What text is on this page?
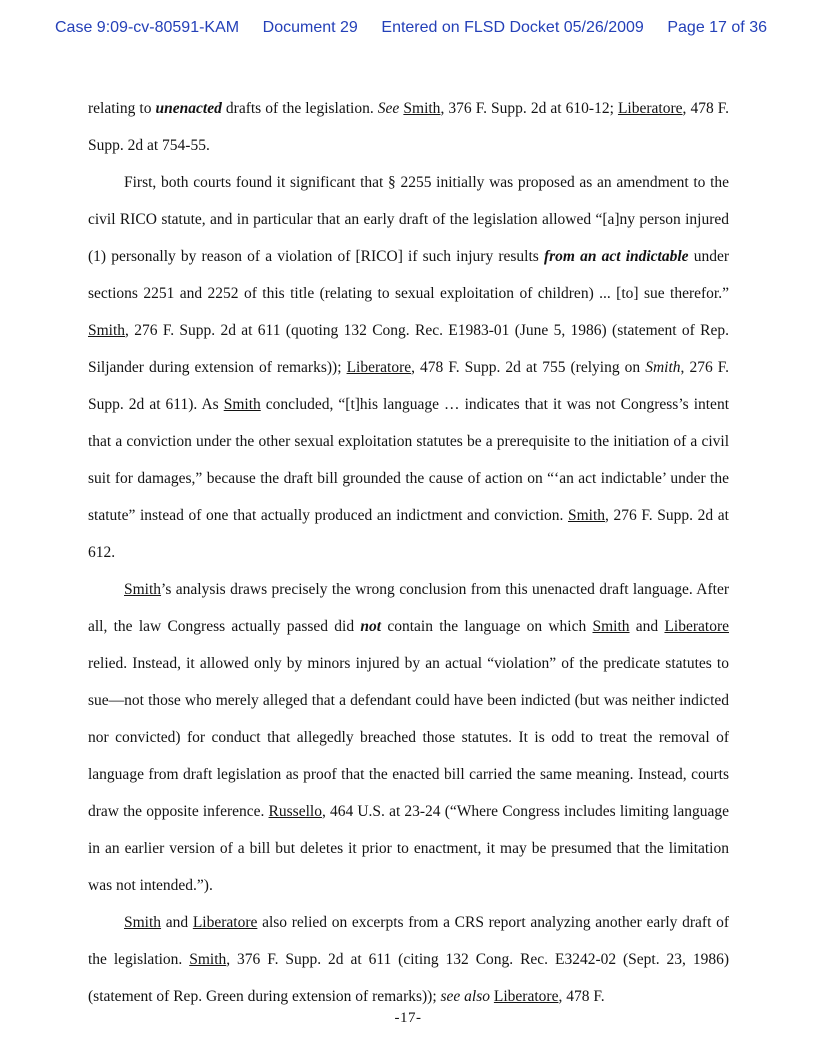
Case 9:09-cv-80591-KAM Document 29 Entered on FLSD Docket 05/26/2009 Page 17 of 36

relating to unenacted drafts of the legislation. See Smith, 376 F. Supp. 2d at 610-12; Liberatore, 478 F. Supp. 2d at 754-55.

First, both courts found it significant that § 2255 initially was proposed as an amendment to the civil RICO statute, and in particular that an early draft of the legislation allowed “[a]ny person injured (1) personally by reason of a violation of [RICO] if such injury results from an act indictable under sections 2251 and 2252 of this title (relating to sexual exploitation of children) ... [to] sue therefor.” Smith, 276 F. Supp. 2d at 611 (quoting 132 Cong. Rec. E1983-01 (June 5, 1986) (statement of Rep. Siljander during extension of remarks)); Liberatore, 478 F. Supp. 2d at 755 (relying on Smith, 276 F. Supp. 2d at 611). As Smith concluded, “[t]his language … indicates that it was not Congress’s intent that a conviction under the other sexual exploitation statutes be a prerequisite to the initiation of a civil suit for damages,” because the draft bill grounded the cause of action on “‘an act indictable’ under the statute” instead of one that actually produced an indictment and conviction. Smith, 276 F. Supp. 2d at 612.

Smith’s analysis draws precisely the wrong conclusion from this unenacted draft language. After all, the law Congress actually passed did not contain the language on which Smith and Liberatore relied. Instead, it allowed only by minors injured by an actual “violation” of the predicate statutes to sue—not those who merely alleged that a defendant could have been indicted (but was neither indicted nor convicted) for conduct that allegedly breached those statutes. It is odd to treat the removal of language from draft legislation as proof that the enacted bill carried the same meaning. Instead, courts draw the opposite inference. Russello, 464 U.S. at 23-24 (“Where Congress includes limiting language in an earlier version of a bill but deletes it prior to enactment, it may be presumed that the limitation was not intended.”).

Smith and Liberatore also relied on excerpts from a CRS report analyzing another early draft of the legislation. Smith, 376 F. Supp. 2d at 611 (citing 132 Cong. Rec. E3242-02 (Sept. 23, 1986) (statement of Rep. Green during extension of remarks)); see also Liberatore, 478 F.

-17-
